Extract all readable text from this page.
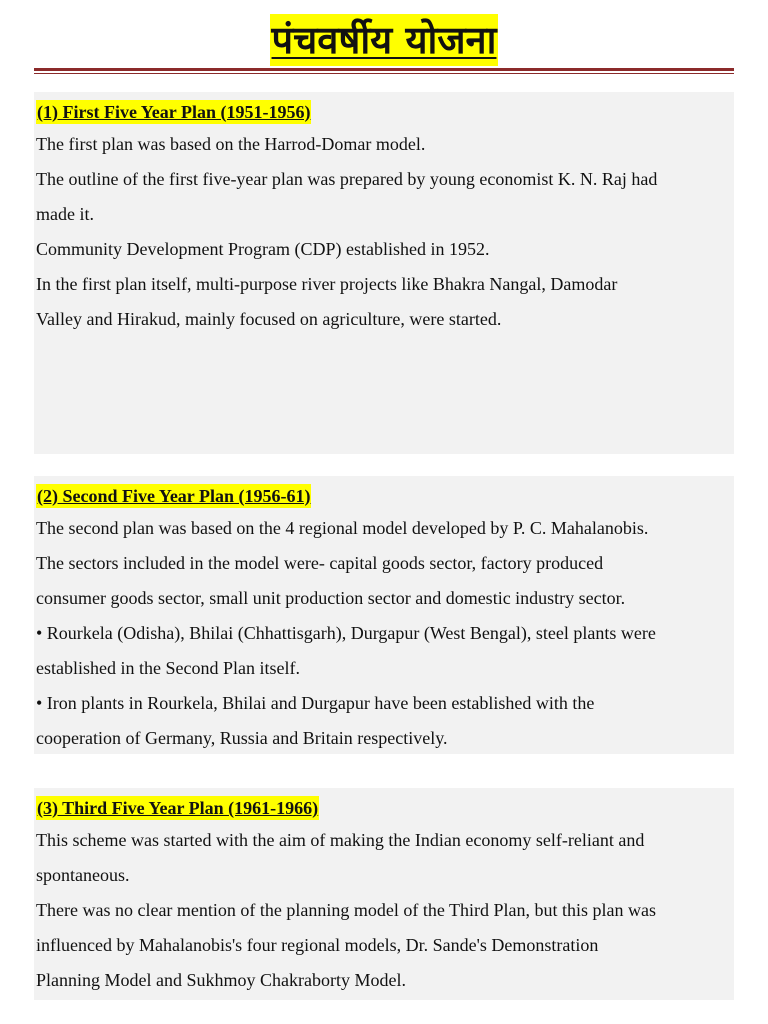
पंचवर्षीय योजना
(1) First Five Year Plan (1951-1956)

The first plan was based on the Harrod-Domar model.

The outline of the first five-year plan was prepared by young economist K. N. Raj had

made it.

Community Development Program (CDP) established in 1952.

In the first plan itself, multi-purpose river projects like Bhakra Nangal, Damodar

Valley and Hirakud, mainly focused on agriculture, were started.

(2) Second Five Year Plan (1956-61)

The second plan was based on the 4 regional model developed by P. C. Mahalanobis.

The sectors included in the model were- capital goods sector, factory produced

consumer goods sector, small unit production sector and domestic industry sector.

• Rourkela (Odisha), Bhilai (Chhattisgarh), Durgapur (West Bengal), steel plants were

established in the Second Plan itself.

• Iron plants in Rourkela, Bhilai and Durgapur have been established with the

cooperation of Germany, Russia and Britain respectively.

(3) Third Five Year Plan (1961-1966)

This scheme was started with the aim of making the Indian economy self-reliant and

spontaneous.

There was no clear mention of the planning model of the Third Plan, but this plan was

influenced by Mahalanobis's four regional models, Dr. Sande's Demonstration

Planning Model and Sukhmoy Chakraborty Model.
